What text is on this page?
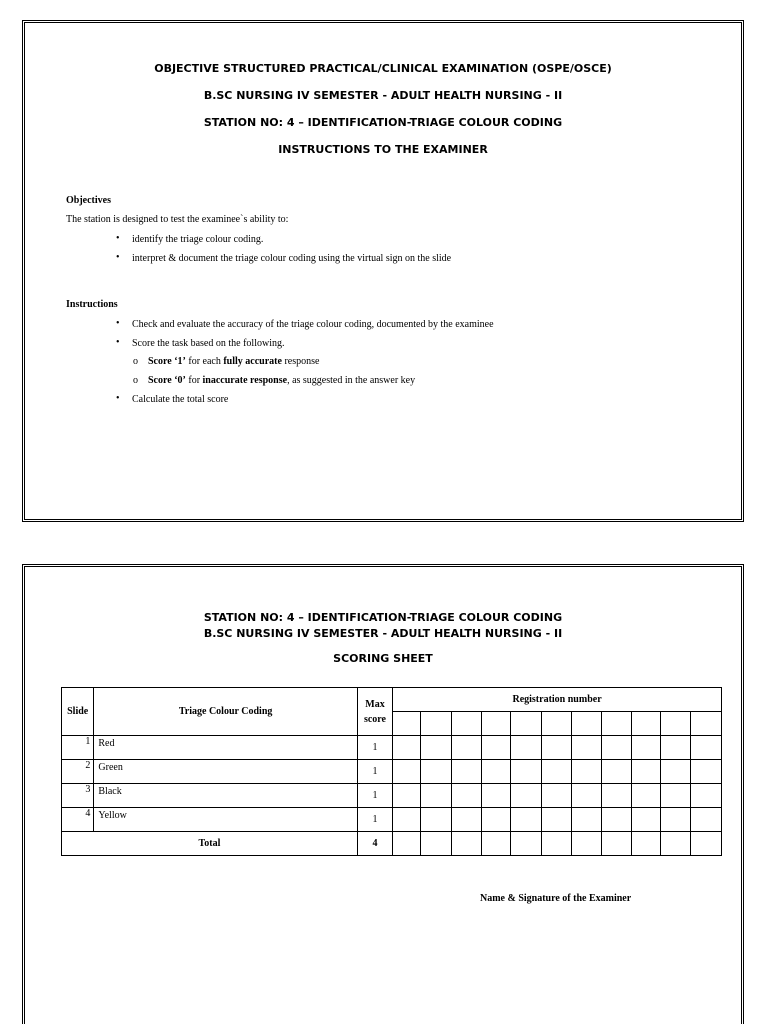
OBJECTIVE STRUCTURED PRACTICAL/CLINICAL EXAMINATION (OSPE/OSCE)
B.SC NURSING IV SEMESTER - ADULT HEALTH NURSING - II
STATION NO: 4 – IDENTIFICATION-TRIAGE COLOUR CODING
INSTRUCTIONS TO THE EXAMINER
Objectives
The station is designed to test the examinee`s ability to:
• identify the triage colour coding.
• interpret & document the triage colour coding using the virtual sign on the slide
Instructions
• Check and evaluate the accuracy of the triage colour coding, documented by the examinee
• Score the task based on the following.
o Score ‘1’ for each fully accurate response
o Score ‘0’ for inaccurate response, as suggested in the answer key
• Calculate the total score
STATION NO: 4 – IDENTIFICATION-TRIAGE COLOUR CODING
B.SC NURSING IV SEMESTER - ADULT HEALTH NURSING - II
SCORING SHEET
Slide	Triage Colour Coding	Max
score	Registration number										

1	Red	1											
2	Green	1											
3	Black	1											
4	Yellow	1											
Total		4											
Name & Signature of the Examiner
